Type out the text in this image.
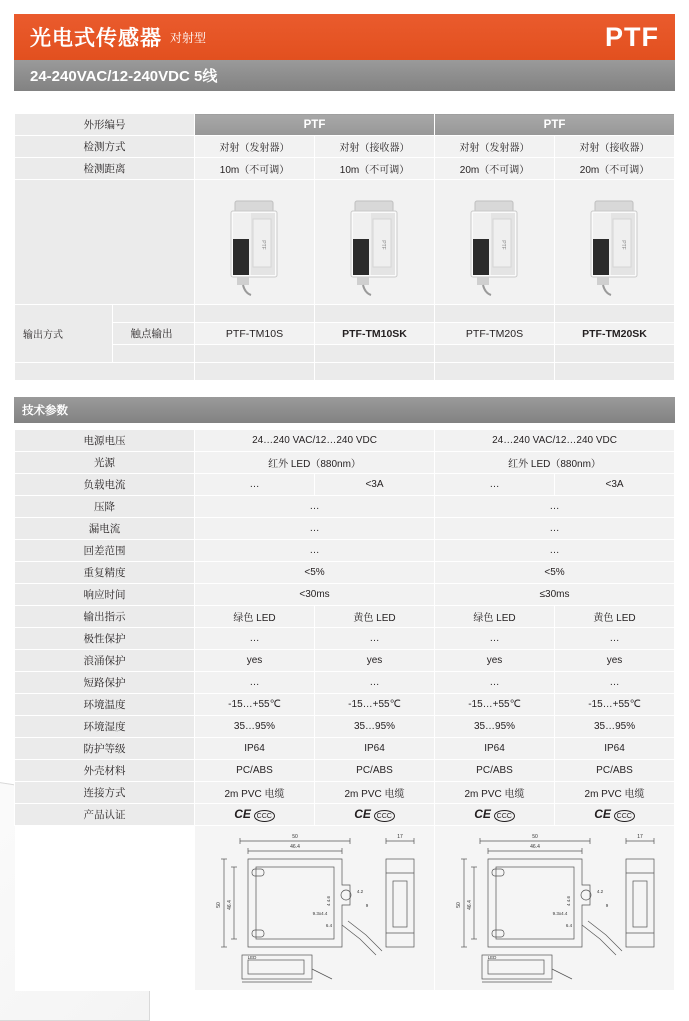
光电式传感器 对射型	PTF
24-240VAC/12-240VDC 5线
外形编号		PTF		PTF	
检测方式		对射（发射器）	对射（接收器）	对射（发射器）	对射（接收器）
检测距离		10m（不可调）	10m（不可调）	20m（不可调）	20m（不可调）

PTF	PTF	PTF	PTF

输出方式					
	触点输出	PTF-TM10S	PTF-TM10SK	PTF-TM20S	PTF-TM20SK

技术参数
电源电压	24…240 VAC/12…240 VDC		24…240 VAC/12…240 VDC	
光源	红外 LED（880nm）		红外 LED（880nm）	
负载电流	…	<3A	…	<3A
压降	…		…	
漏电流	…		…	
回差范围	…		…	
重复精度	<5%		<5%	
响应时间	<30ms		≤30ms	
输出指示	绿色 LED	黄色 LED	绿色 LED	黄色 LED
极性保护	…	…	…	…
浪涌保护	yes	yes	yes	yes
短路保护	…	…	…	…
环境温度	-15…+55℃	-15…+55℃	-15…+55℃	-15…+55℃
环境湿度	35…95%	35…95%	35…95%	35…95%
防护等级	IP64	IP64	IP64	IP64
外壳材料	PC/ABS	PC/ABS	PC/ABS	PC/ABS
连接方式	2m PVC 电缆	2m PVC 电缆	2m PVC 电缆	2m PVC 电缆
产品认证	CE CCC	CE CCC	CE CCC	CE CCC

50
46.4
17
50 46.4
4.2
9
9.3x4.4
6.4
4 4.6
LED

50
46.4
17
50 46.4
4.2
9
9.3x4.4
6.4
4 4.6
LED
